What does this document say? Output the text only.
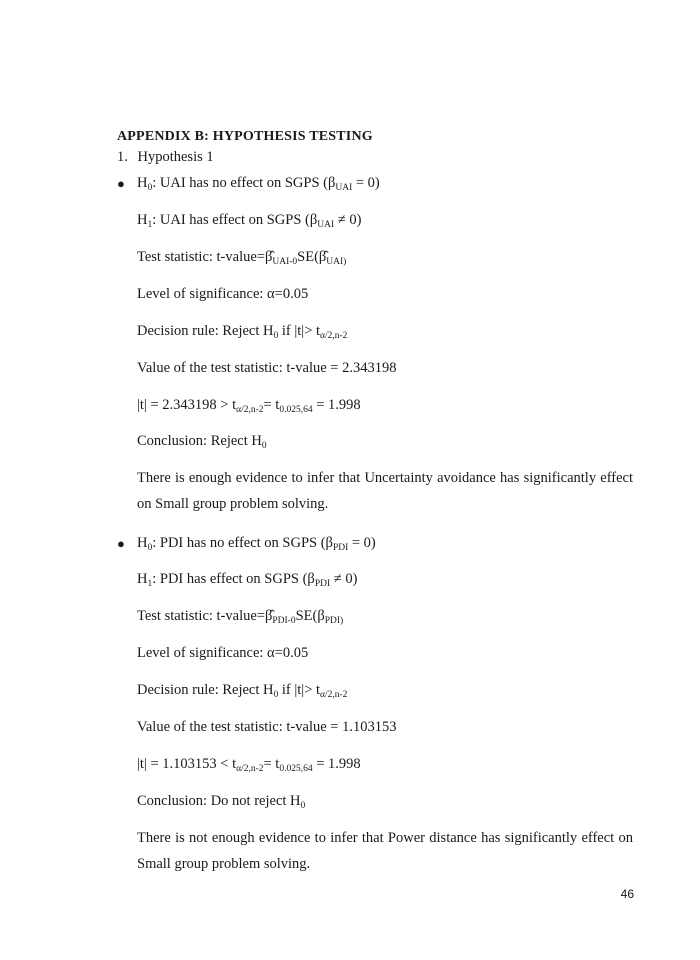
APPENDIX B: HYPOTHESIS TESTING
1. Hypothesis 1
● $H_0$: UAI has no effect on SGPS $(\beta_{UAI} = 0)$
$H_1$: UAI has effect on SGPS $(\beta_{UAI} \ne 0)$
Test statistic: $t-value=\betâ_{UAI-0}SE(\betâ_{UAI)}$
Level of significance: α=0.05
Decision rule: Reject $H_0$ if $|t|> t_{\alpha/2,n-2}$
Value of the test statistic: t-value = 2.343198
$|t| = 2.343198 > t_{\alpha/2,n-2}= t_{0.025,64} = 1.998$
Conclusion: Reject $H_0$
There is enough evidence to infer that Uncertainty avoidance has significantly effect on Small group problem solving.
● $H_0$: PDI has no effect on SGPS $(\beta_{PDI} = 0)$
$H_1$: PDI has effect on SGPS $(\beta_{PDI} \ne 0)$
Test statistic: $t-value=\betâ_{PDI-0}SE(\beta_{PDI)}$
Level of significance: α=0.05
Decision rule: Reject $H_0$ if $|t|> t_{\alpha/2,n-2}$
Value of the test statistic: t-value = 1.103153
$|t| = 1.103153 < t_{\alpha/2,n-2}= t_{0.025,64} = 1.998$
Conclusion: Do not reject $H_0$
There is not enough evidence to infer that Power distance has significantly effect on Small group problem solving.
46
